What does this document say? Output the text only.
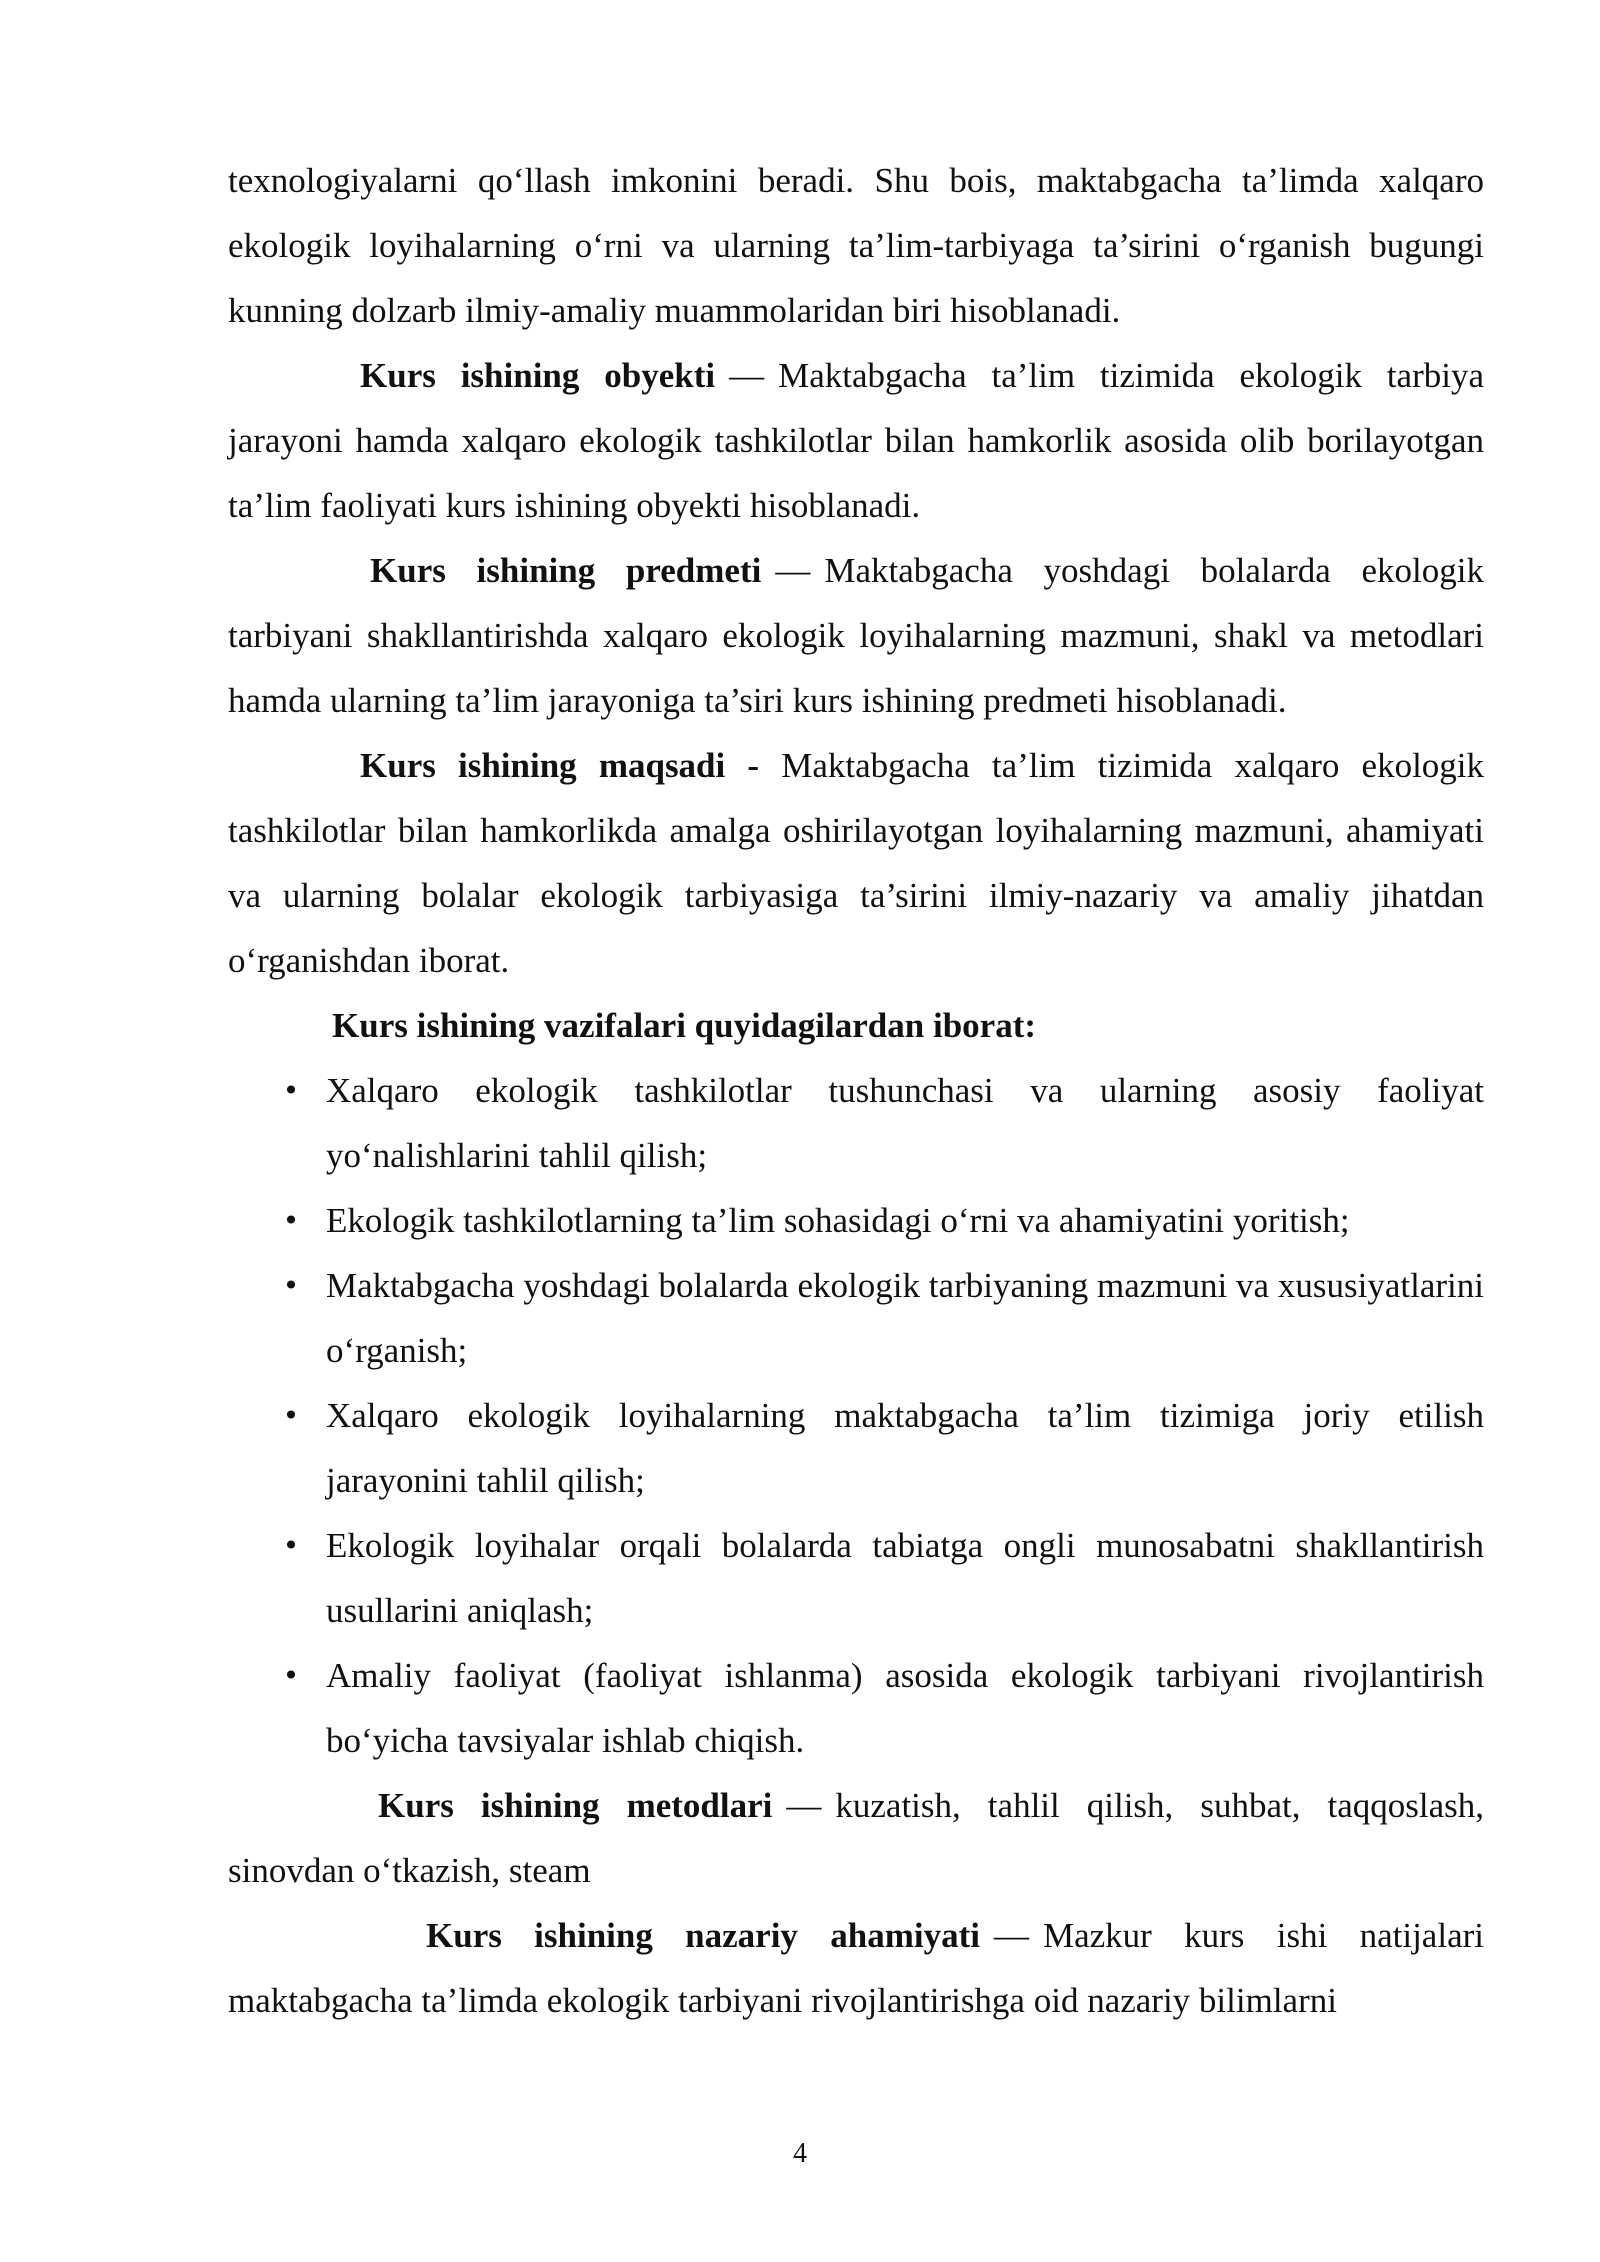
texnologiyalarni qo‘llash imkonini beradi. Shu bois, maktabgacha ta’limda xalqaro ekologik loyihalarning o‘rni va ularning ta’lim-tarbiyaga ta’sirini o‘rganish bugungi kunning dolzarb ilmiy-amaliy muammolaridan biri hisoblanadi.

Kurs ishining obyekti — Maktabgacha ta’lim tizimida ekologik tarbiya jarayoni hamda xalqaro ekologik tashkilotlar bilan hamkorlik asosida olib borilayotgan ta’lim faoliyati kurs ishining obyekti hisoblanadi.

Kurs ishining predmeti — Maktabgacha yoshdagi bolalarda ekologik tarbiyani shakllantirishda xalqaro ekologik loyihalarning mazmuni, shakl va metodlari hamda ularning ta’lim jarayoniga ta’siri kurs ishining predmeti hisoblanadi.

Kurs ishining maqsadi - Maktabgacha ta’lim tizimida xalqaro ekologik tashkilotlar bilan hamkorlikda amalga oshirilayotgan loyihalarning mazmuni, ahamiyati va ularning bolalar ekologik tarbiyasiga ta’sirini ilmiy-nazariy va amaliy jihatdan o‘rganishdan iborat.

Kurs ishining vazifalari quyidagilardan iborat:

• Xalqaro ekologik tashkilotlar tushunchasi va ularning asosiy faoliyat yo‘nalishlarini tahlil qilish;
• Ekologik tashkilotlarning ta’lim sohasidagi o‘rni va ahamiyatini yoritish;
• Maktabgacha yoshdagi bolalarda ekologik tarbiyaning mazmuni va xususiyatlarini o‘rganish;
• Xalqaro ekologik loyihalarning maktabgacha ta’lim tizimiga joriy etilish jarayonini tahlil qilish;
• Ekologik loyihalar orqali bolalarda tabiatga ongli munosabatni shakllantirish usullarini aniqlash;
• Amaliy faoliyat (faoliyat ishlanma) asosida ekologik tarbiyani rivojlantirish bo‘yicha tavsiyalar ishlab chiqish.

Kurs ishining metodlari — kuzatish, tahlil qilish, suhbat, taqqoslash, sinovdan o‘tkazish, steam

Kurs ishining nazariy ahamiyati — Mazkur kurs ishi natijalari maktabgacha ta’limda ekologik tarbiyani rivojlantirishga oid nazariy bilimlarni

4
